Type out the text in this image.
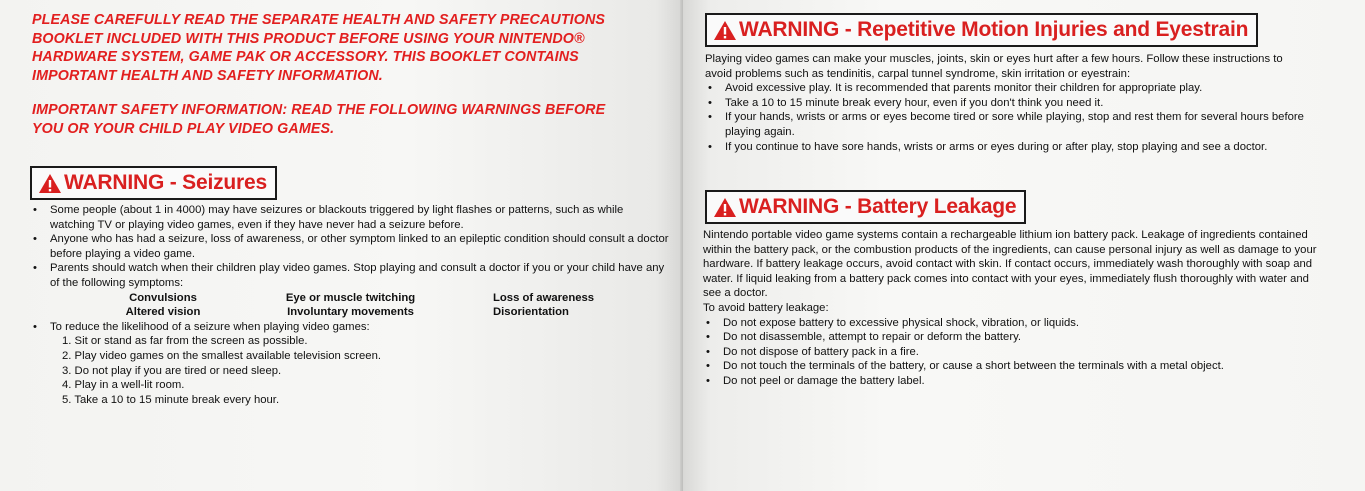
PLEASE CAREFULLY READ THE SEPARATE HEALTH AND SAFETY PRECAUTIONS

BOOKLET INCLUDED WITH THIS PRODUCT BEFORE USING YOUR NINTENDO®

HARDWARE SYSTEM, GAME PAK OR ACCESSORY. THIS BOOKLET CONTAINS

IMPORTANT HEALTH AND SAFETY INFORMATION.

IMPORTANT SAFETY INFORMATION: READ THE FOLLOWING WARNINGS BEFORE

YOU OR YOUR CHILD PLAY VIDEO GAMES.

WARNING - Seizures
• Some people (about 1 in 4000) may have seizures or blackouts triggered by light flashes or patterns, such as while watching TV or playing video games, even if they have never had a seizure before.
• Anyone who has had a seizure, loss of awareness, or other symptom linked to an epileptic condition should consult a doctor before playing a video game.
• Parents should watch when their children play video games. Stop playing and consult a doctor if you or your child have any of the following symptoms:
Convulsions	Eye or muscle twitching	Loss of awareness
Altered vision	Involuntary movements	Disorientation
• To reduce the likelihood of a seizure when playing video games:
1. Sit or stand as far from the screen as possible.
2. Play video games on the smallest available television screen.
3. Do not play if you are tired or need sleep.
4. Play in a well-lit room.
5. Take a 10 to 15 minute break every hour.
WARNING - Repetitive Motion Injuries and Eyestrain

Playing video games can make your muscles, joints, skin or eyes hurt after a few hours. Follow these instructions to avoid problems such as tendinitis, carpal tunnel syndrome, skin irritation or eyestrain:

• Avoid excessive play. It is recommended that parents monitor their children for appropriate play.
• Take a 10 to 15 minute break every hour, even if you don't think you need it.
• If your hands, wrists or arms or eyes become tired or sore while playing, stop and rest them for several hours before playing again.
• If you continue to have sore hands, wrists or arms or eyes during or after play, stop playing and see a doctor.
WARNING - Battery Leakage

Nintendo portable video game systems contain a rechargeable lithium ion battery pack. Leakage of ingredients contained within the battery pack, or the combustion products of the ingredients, can cause personal injury as well as damage to your hardware. If battery leakage occurs, avoid contact with skin. If contact occurs, immediately wash thoroughly with soap and water. If liquid leaking from a battery pack comes into contact with your eyes, immediately flush thoroughly with water and see a doctor.

To avoid battery leakage:

• Do not expose battery to excessive physical shock, vibration, or liquids.
• Do not disassemble, attempt to repair or deform the battery.
• Do not dispose of battery pack in a fire.
• Do not touch the terminals of the battery, or cause a short between the terminals with a metal object.
• Do not peel or damage the battery label.
